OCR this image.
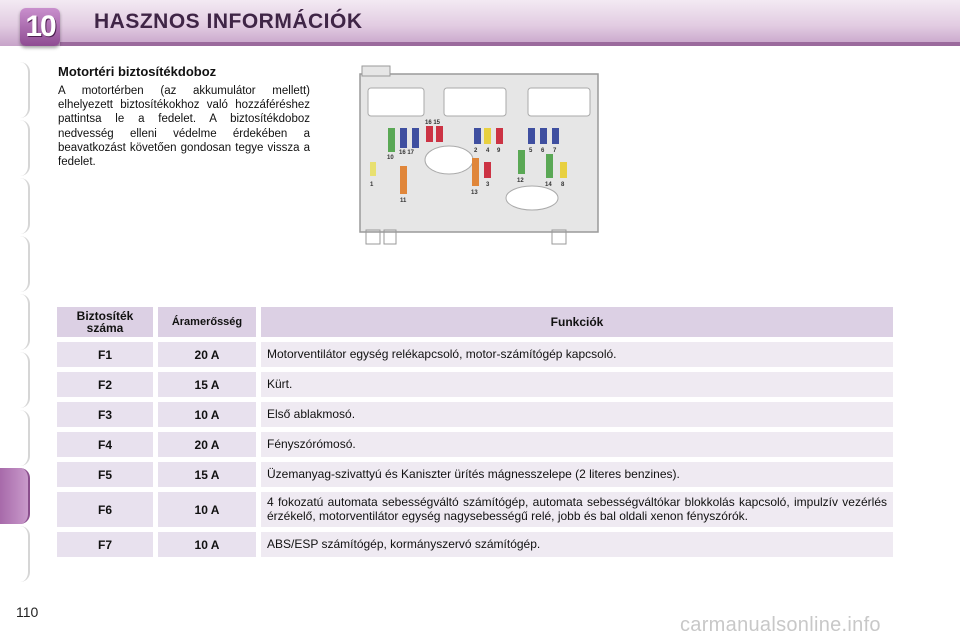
10 HASZNOS INFORMÁCIÓK
Motortéri biztosítékdoboz
A motortérben (az akkumulátor mellett) elhelyezett biztosítékokhoz való hozzáféréshez pattintsa le a fedelet. A biztosítékdoboz nedvesség elleni védelme érdekében a beavatkozást követően gondosan tegye vissza a fedelet.
1
2
3
4	5 6 7
8
9
10
11
12
13
14
16 15
16 17
Biztosíték száma	Áramerősség	Funkciók
F1	20 A	Motorventilátor egység relékapcsoló, motor-számítógép kapcsoló.
F2	15 A	Kürt.
F3	10 A	Első ablakmosó.
F4	20 A	Fényszórómosó.
F5	15 A	Üzemanyag-szivattyú és Kaniszter ürítés mágnesszelepe (2 literes benzines).
F6	10 A	4 fokozatú automata sebességváltó számítógép, automata sebességváltókar blokkolás kapcsoló, impulzív vezérlés érzékelő, motorventilátor egység nagysebességű relé, jobb és bal oldali xenon fényszórók.
F7	10 A	ABS/ESP számítógép, kormányszervó számítógép.
110
carmanualsonline.info
